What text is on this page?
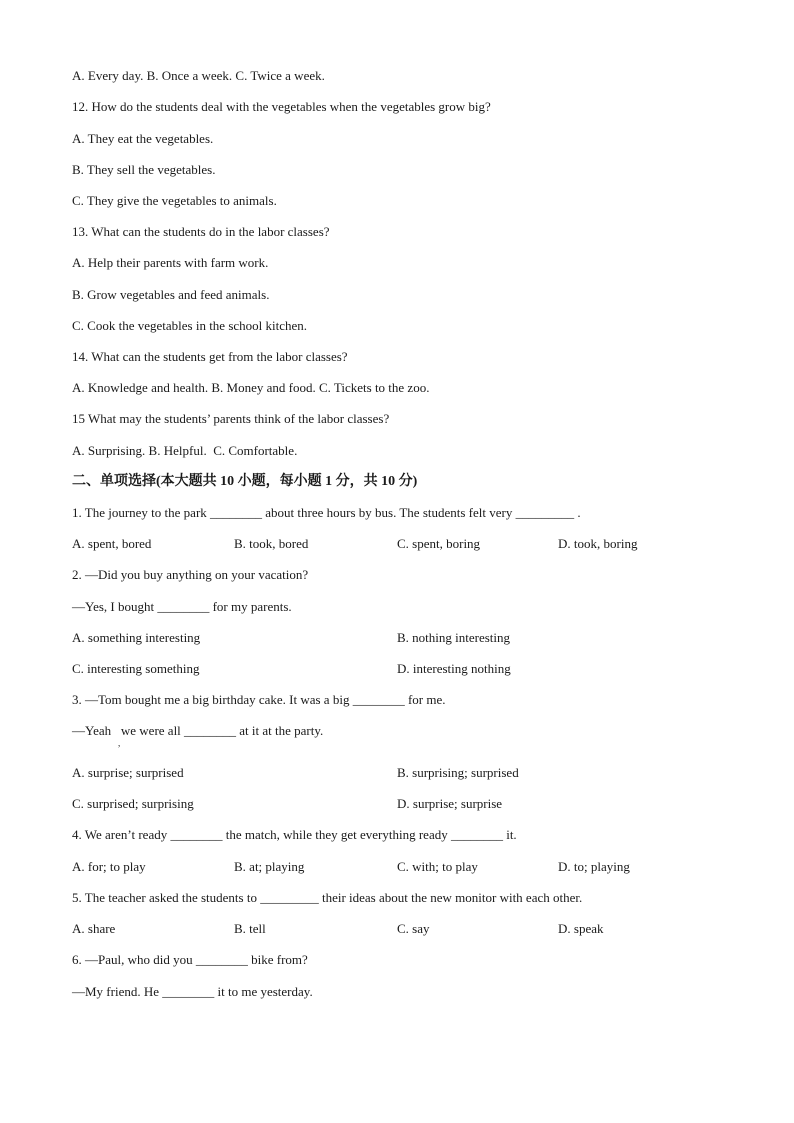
A. Every day. B. Once a week. C. Twice a week.
12. How do the students deal with the vegetables when the vegetables grow big?
A. They eat the vegetables.
B. They sell the vegetables.
C. They give the vegetables to animals.
13. What can the students do in the labor classes?
A. Help their parents with farm work.
B. Grow vegetables and feed animals.
C. Cook the vegetables in the school kitchen.
14. What can the students get from the labor classes?
A. Knowledge and health. B. Money and food. C. Tickets to the zoo.
15 What may the students’ parents think of the labor classes?
A. Surprising. B. Helpful.  C. Comfortable.
二、单项选择(本大题共 10 小题，每小题 1 分，共 10 分)
1. The journey to the park ________ about three hours by bus. The students felt very _________ .
A. spent, bored	B. took, bored	C. spent, boring	D. took, boring
2. —Did you buy anything on your vacation?
—Yes, I bought ________ for my parents.
A. something interesting	B. nothing interesting
C. interesting something	D. interesting nothing
3. —Tom bought me a big birthday cake. It was a big ________ for me.
—Yeah   we were all ________ at it at the party.
,
A. surprise; surprised	B. surprising; surprised
C. surprised; surprising	D. surprise; surprise
4. We aren’t ready ________ the match, while they get everything ready ________ it.
A. for; to play	B. at; playing	C. with; to play	D. to; playing
5. The teacher asked the students to _________ their ideas about the new monitor with each other.
A. share	B. tell	C. say	D. speak
6. —Paul, who did you ________ bike from?
—My friend. He ________ it to me yesterday.
